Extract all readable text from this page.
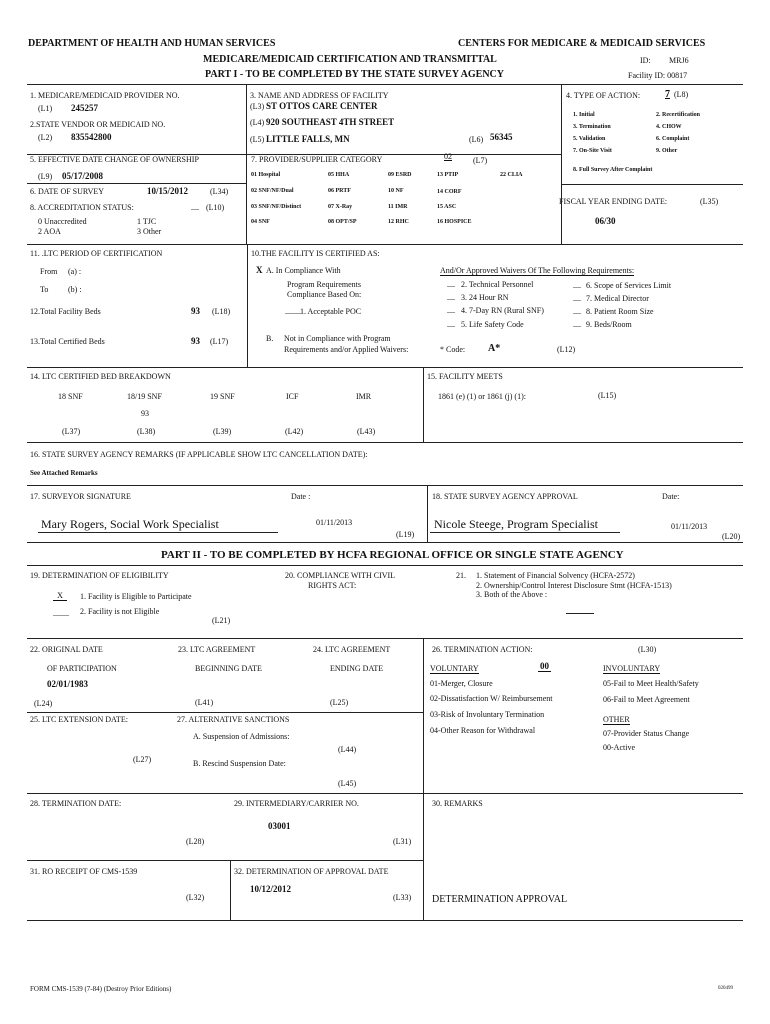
DEPARTMENT OF HEALTH AND HUMAN SERVICES	CENTERS FOR MEDICARE & MEDICAID SERVICES
MEDICARE/MEDICAID CERTIFICATION AND TRANSMITTAL	ID: MRJ6
PART I - TO BE COMPLETED BY THE STATE SURVEY AGENCY	Facility ID: 00817
1. MEDICARE/MEDICAID PROVIDER NO.
(L1) 245257
2.STATE VENDOR OR MEDICAID NO.
(L2) 835542800
3. NAME AND ADDRESS OF FACILITY
(L3) ST OTTOS CARE CENTER
(L4) 920 SOUTHEAST 4TH STREET
(L5) LITTLE FALLS, MN	(L6) 56345
4. TYPE OF ACTION: 7 (L8)
1. Initial	2. Recertification
3. Termination	4. CHOW
5. Validation	6. Complaint
7. On-Site Visit	9. Other
8. Full Survey After Complaint
5. EFFECTIVE DATE CHANGE OF OWNERSHIP
(L9) 05/17/2008
6. DATE OF SURVEY	10/15/2012	(L34)
8. ACCREDITATION STATUS:	__ (L10)
0 Unaccredited	1 TJC
2 AOA	3 Other
7. PROVIDER/SUPPLIER CATEGORY	02	(L7)
01 Hospital	05 HHA	09 ESRD	13 PTIP	22 CLIA
02 SNF/NF/Dual	06 PRTF	10 NF	14 CORF
03 SNF/NF/Distinct	07 X-Ray	11 IMR	15 ASC
04 SNF	08 OPT/SP	12 RHC	16 HOSPICE
FISCAL YEAR ENDING DATE:	(L35)
06/30
11. .LTC PERIOD OF CERTIFICATION
From (a) :
To (b) :
12.Total Facility Beds	93 (L18)
13.Total Certified Beds	93 (L17)
10.THE FACILITY IS CERTIFIED AS:
X A. In Compliance With
Program Requirements
Compliance Based On:
____ 1. Acceptable POC
B. Not in Compliance with Program
Requirements and/or Applied Waivers:
And/Or Approved Waivers Of The Following Requirements:
__ 2. Technical Personnel
__ 3. 24 Hour RN
__ 4. 7-Day RN (Rural SNF)
__ 5. Life Safety Code
__ 6. Scope of Services Limit
__ 7. Medical Director
__ 8. Patient Room Size
__ 9. Beds/Room
* Code: A*	(L12)
14. LTC CERTIFIED BED BREAKDOWN
18 SNF	18/19 SNF	19 SNF	ICF	IMR
93
(L37)	(L38)	(L39)	(L42)	(L43)
15. FACILITY MEETS
1861 (e) (1) or 1861 (j) (1):	(L15)
16. STATE SURVEY AGENCY REMARKS (IF APPLICABLE SHOW LTC CANCELLATION DATE):
See Attached Remarks
17. SURVEYOR SIGNATURE	Date :
Mary Rogers, Social Work Specialist	01/11/2013
(L19)
18. STATE SURVEY AGENCY APPROVAL	Date:
Nicole Steege, Program Specialist	01/11/2013
(L20)
PART II - TO BE COMPLETED BY HCFA REGIONAL OFFICE OR SINGLE STATE AGENCY
19. DETERMINATION OF ELIGIBILITY
X	1. Facility is Eligible to Participate
____ 2. Facility is not Eligible
(L21)
20. COMPLIANCE WITH CIVIL
RIGHTS ACT:
21. 1. Statement of Financial Solvency (HCFA-2572)
2. Ownership/Control Interest Disclosure Stmt (HCFA-1513)
3. Both of the Above :
22. ORIGINAL DATE
OF PARTICIPATION
02/01/1983
(L24)
23. LTC AGREEMENT
BEGINNING DATE
(L41)
24. LTC AGREEMENT
ENDING DATE
(L25)
25. LTC EXTENSION DATE:
(L27)
27. ALTERNATIVE SANCTIONS
A. Suspension of Admissions:
(L44)
B. Rescind Suspension Date:
(L45)
26. TERMINATION ACTION:	(L30)
VOLUNTARY	00	INVOLUNTARY
01-Merger, Closure
02-Dissatisfaction W/ Reimbursement
03-Risk of Involuntary Termination
04-Other Reason for Withdrawal
05-Fail to Meet Health/Safety
06-Fail to Meet Agreement
OTHER
07-Provider Status Change
00-Active
28. TERMINATION DATE:
(L28)
29. INTERMEDIARY/CARRIER NO.
03001
(L31)
30. REMARKS
31. RO RECEIPT OF CMS-1539
(L32)
32. DETERMINATION OF APPROVAL DATE
10/12/2012
(L33) DETERMINATION APPROVAL
FORM CMS-1539 (7-84) (Destroy Prior Editions)	020499
